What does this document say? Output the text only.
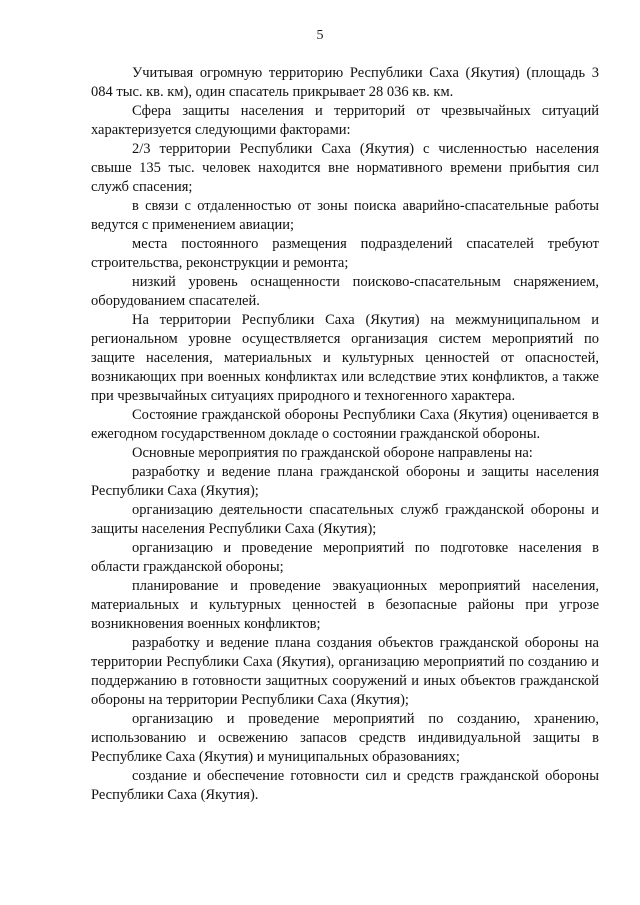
5

Учитывая огромную территорию Республики Саха (Якутия) (площадь 3 084 тыс. кв. км), один спасатель прикрывает 28 036 кв. км.

Сфера защиты населения и территорий от чрезвычайных ситуаций характеризуется следующими факторами:

2/3 территории Республики Саха (Якутия) с численностью населения свыше 135 тыс. человек находится вне нормативного времени прибытия сил служб спасения;

в связи с отдаленностью от зоны поиска аварийно-спасательные работы ведутся с применением авиации;

места постоянного размещения подразделений спасателей требуют строительства, реконструкции и ремонта;

низкий уровень оснащенности поисково-спасательным снаряжением, оборудованием спасателей.

На территории Республики Саха (Якутия) на межмуниципальном и региональном уровне осуществляется организация систем мероприятий по защите населения, материальных и культурных ценностей от опасностей, возникающих при военных конфликтах или вследствие этих конфликтов, а также при чрезвычайных ситуациях природного и техногенного характера.

Состояние гражданской обороны Республики Саха (Якутия) оценивается в ежегодном государственном докладе о состоянии гражданской обороны.

Основные мероприятия по гражданской обороне направлены на:

разработку и ведение плана гражданской обороны и защиты населения Республики Саха (Якутия);

организацию деятельности спасательных служб гражданской обороны и защиты населения Республики Саха (Якутия);

организацию и проведение мероприятий по подготовке населения в области гражданской обороны;

планирование и проведение эвакуационных мероприятий населения, материальных и культурных ценностей в безопасные районы при угрозе возникновения военных конфликтов;

разработку и ведение плана создания объектов гражданской обороны на территории Республики Саха (Якутия), организацию мероприятий по созданию и поддержанию в готовности защитных сооружений и иных объектов гражданской обороны на территории Республики Саха (Якутия);

организацию и проведение мероприятий по созданию, хранению, использованию и освежению запасов средств индивидуальной защиты в Республике Саха (Якутия) и муниципальных образованиях;

создание и обеспечение готовности сил и средств гражданской обороны Республики Саха (Якутия).
